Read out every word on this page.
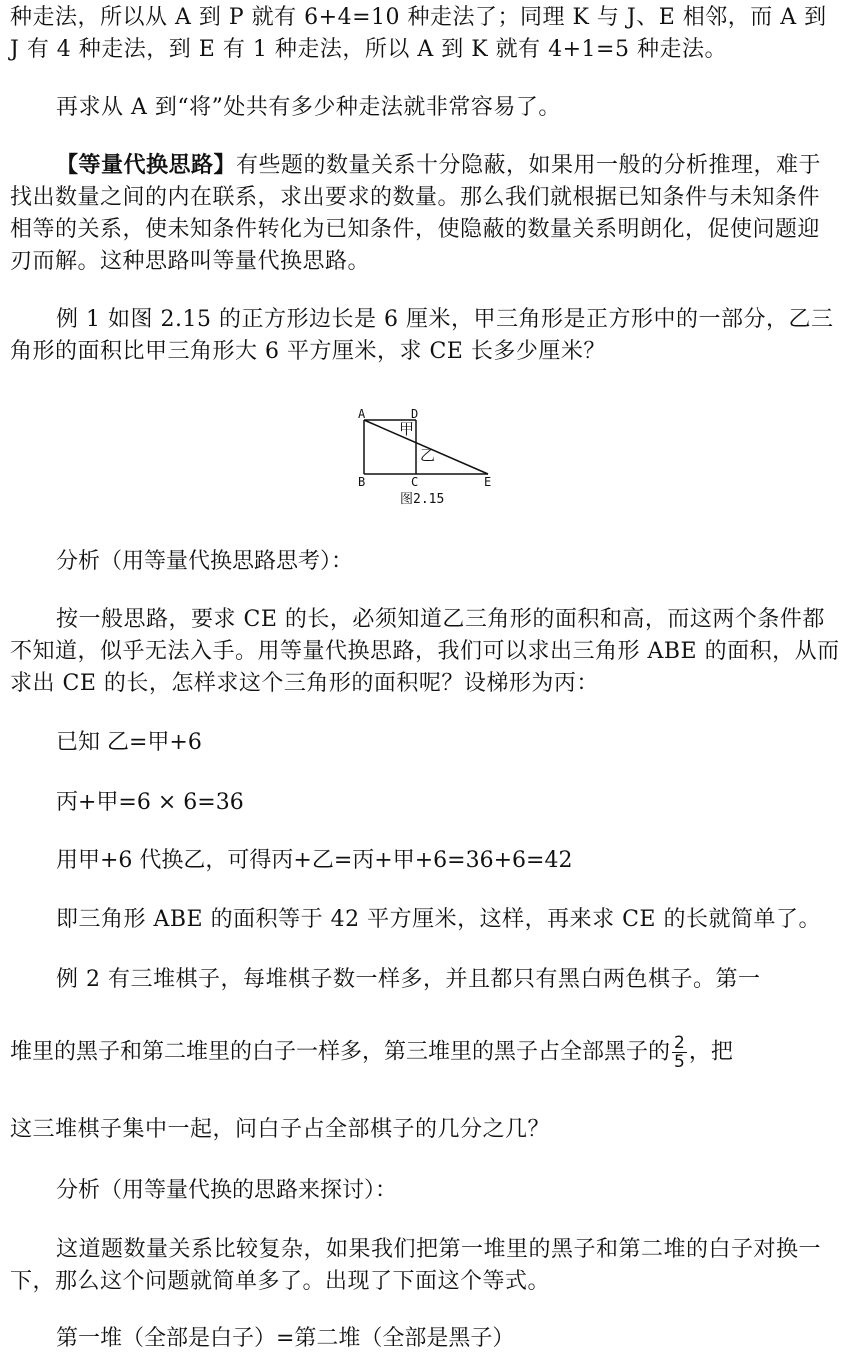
种走法，所以从 A 到 P 就有 6+4=10 种走法了；同理 K 与 J、E 相邻，而 A 到 J 有 4 种走法，到 E 有 1 种走法，所以 A 到 K 就有 4+1=5 种走法。

再求从 A 到“将”处共有多少种走法就非常容易了。

【等量代换思路】有些题的数量关系十分隐蔽，如果用一般的分析推理，难于找出数量之间的内在联系，求出要求的数量。那么我们就根据已知条件与未知条件相等的关系，使未知条件转化为已知条件，使隐蔽的数量关系明朗化，促使问题迎刃而解。这种思路叫等量代换思路。

例 1 如图 2.15 的正方形边长是 6 厘米，甲三角形是正方形中的一部分，乙三角形的面积比甲三角形大 6 平方厘米，求 CE 长多少厘米？

A	D
B	C	E
甲
乙
图2.15

分析（用等量代换思路思考）：

按一般思路，要求 CE 的长，必须知道乙三角形的面积和高，而这两个条件都不知道，似乎无法入手。用等量代换思路，我们可以求出三角形 ABE 的面积，从而求出 CE 的长，怎样求这个三角形的面积呢？设梯形为丙：

已知 乙=甲+6

丙+甲=6 × 6=36

用甲+6 代换乙，可得丙+乙=丙+甲+6=36+6=42

即三角形 ABE 的面积等于 42 平方厘米，这样，再来求 CE 的长就简单了。

例 2 有三堆棋子，每堆棋子数一样多，并且都只有黑白两色棋子。第一

堆里的黑子和第二堆里的白子一样多，第三堆里的黑子占全部黑子的 $\frac{2}{5}$ ，把

这三堆棋子集中一起，问白子占全部棋子的几分之几？

分析（用等量代换的思路来探讨）：

这道题数量关系比较复杂，如果我们把第一堆里的黑子和第二堆的白子对换一下，那么这个问题就简单多了。出现了下面这个等式。

第一堆（全部是白子）=第二堆（全部是黑子）
